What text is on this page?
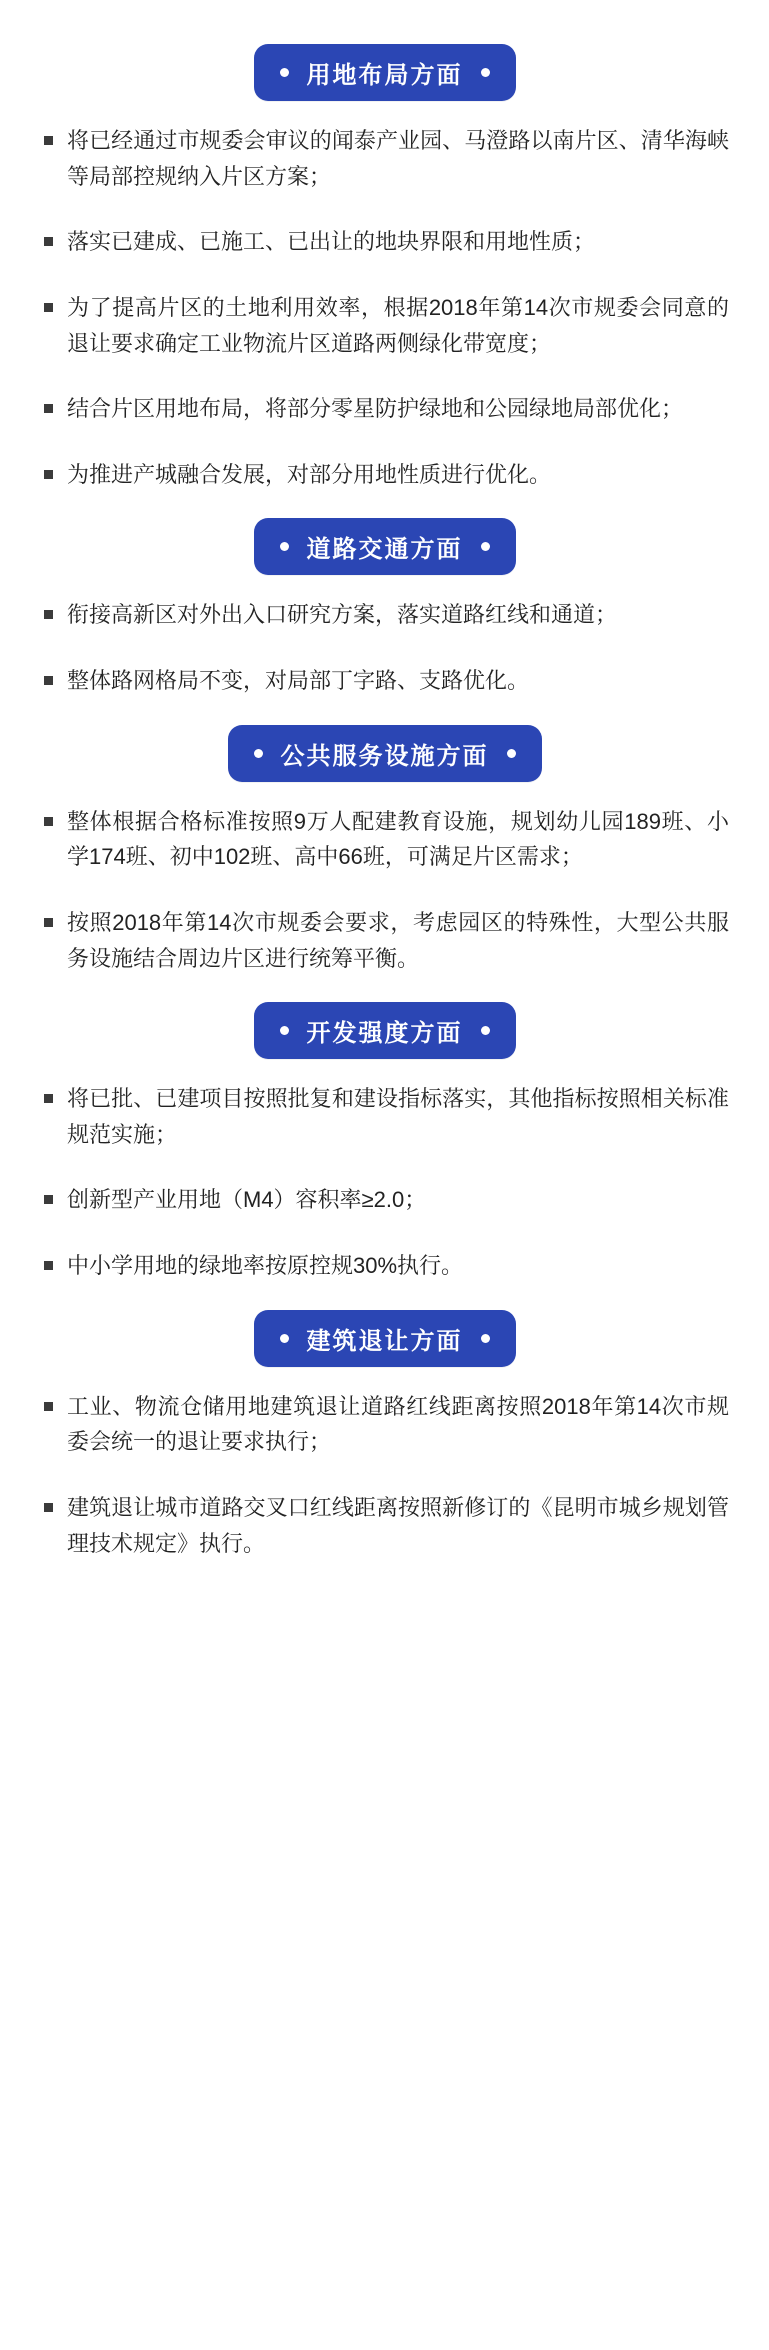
用地布局方面
将已经通过市规委会审议的闻泰产业园、马澄路以南片区、清华海峡等局部控规纳入片区方案；
落实已建成、已施工、已出让的地块界限和用地性质；
为了提高片区的土地利用效率，根据2018年第14次市规委会同意的退让要求确定工业物流片区道路两侧绿化带宽度；
结合片区用地布局，将部分零星防护绿地和公园绿地局部优化；
为推进产城融合发展，对部分用地性质进行优化。
道路交通方面
衔接高新区对外出入口研究方案，落实道路红线和通道；
整体路网格局不变，对局部丁字路、支路优化。
公共服务设施方面
整体根据合格标准按照9万人配建教育设施，规划幼儿园189班、小学174班、初中102班、高中66班，可满足片区需求；
按照2018年第14次市规委会要求，考虑园区的特殊性，大型公共服务设施结合周边片区进行统筹平衡。
开发强度方面
将已批、已建项目按照批复和建设指标落实，其他指标按照相关标准规范实施；
创新型产业用地（M4）容积率≥2.0；
中小学用地的绿地率按原控规30%执行。
建筑退让方面
工业、物流仓储用地建筑退让道路红线距离按照2018年第14次市规委会统一的退让要求执行；
建筑退让城市道路交叉口红线距离按照新修订的《昆明市城乡规划管理技术规定》执行。
